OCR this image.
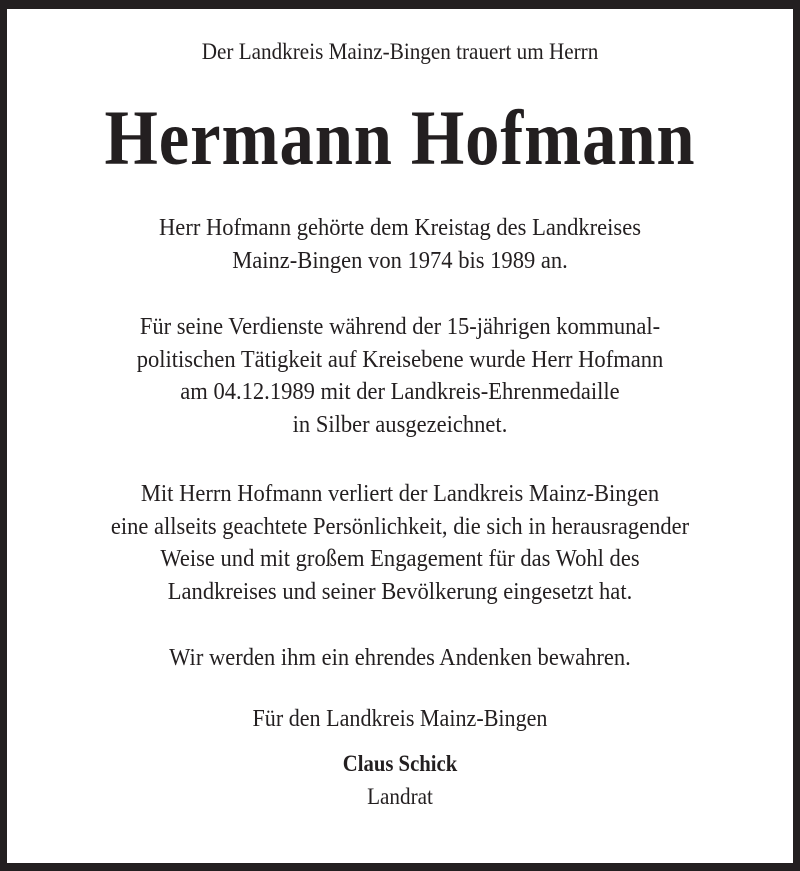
Der Landkreis Mainz-Bingen trauert um Herrn
Hermann Hofmann
Herr Hofmann gehörte dem Kreistag des Landkreises
Mainz-Bingen von 1974 bis 1989 an.
Für seine Verdienste während der 15-jährigen kommunal-
politischen Tätigkeit auf Kreisebene wurde Herr Hofmann
am 04.12.1989 mit der Landkreis-Ehrenmedaille
in Silber ausgezeichnet.
Mit Herrn Hofmann verliert der Landkreis Mainz-Bingen
eine allseits geachtete Persönlichkeit, die sich in herausragender
Weise und mit großem Engagement für das Wohl des
Landkreises und seiner Bevölkerung eingesetzt hat.
Wir werden ihm ein ehrendes Andenken bewahren.
Für den Landkreis Mainz-Bingen
Claus Schick
Landrat
